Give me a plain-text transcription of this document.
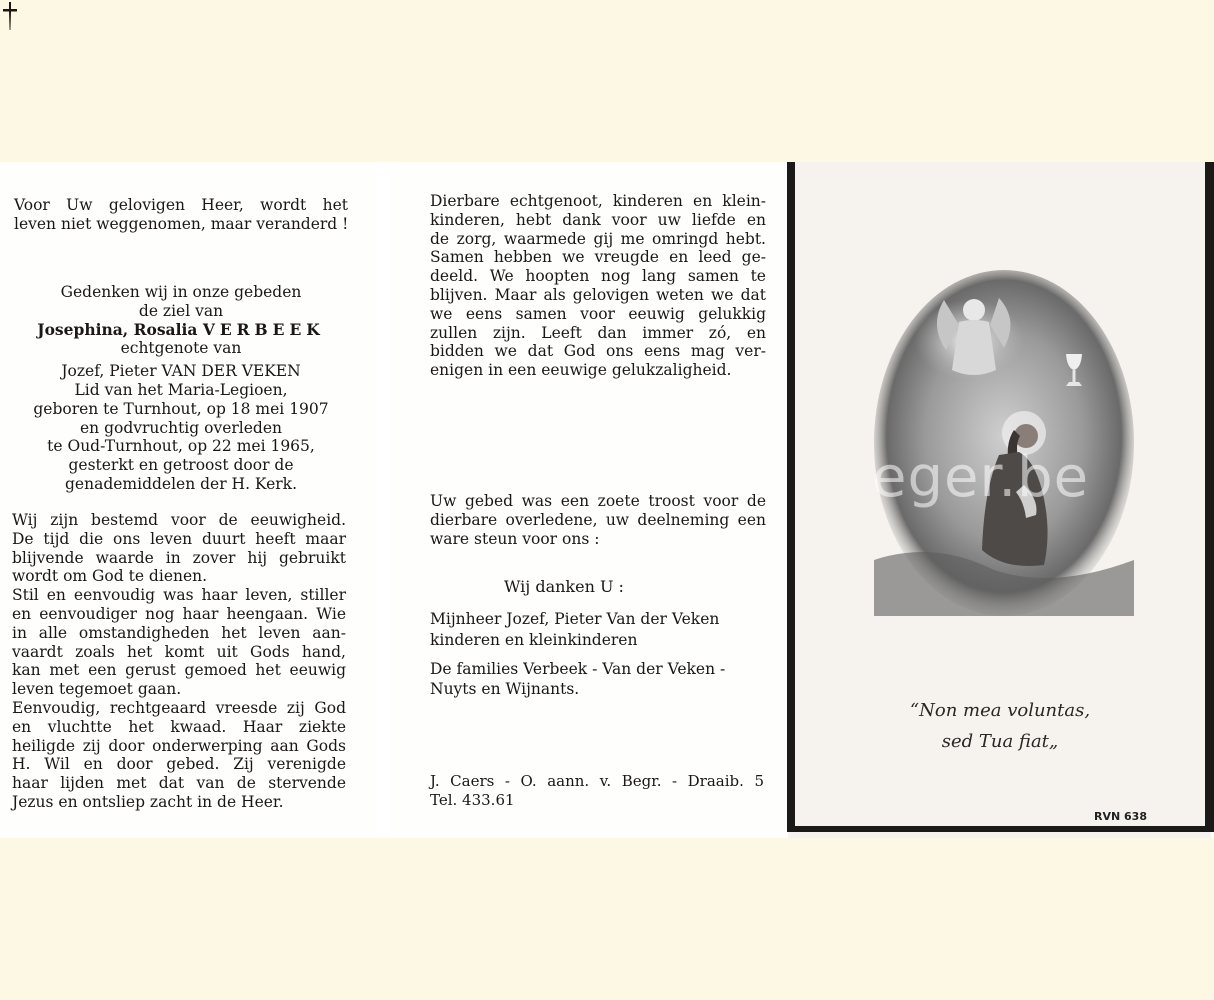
Voor Uw gelovigen Heer, wordt het
leven niet weggenomen, maar veranderd !
Gedenken wij in onze gebeden
de ziel van
Josephina, Rosalia VERBEEK
echtgenote van
Jozef, Pieter VAN DER VEKEN
Lid van het Maria-Legioen,
geboren te Turnhout, op 18 mei 1907
en godvruchtig overleden
te Oud-Turnhout, op 22 mei 1965,
gesterkt en getroost door de
genademiddelen der H. Kerk.
Wij zijn bestemd voor de eeuwigheid.
De tijd die ons leven duurt heeft maar
blijvende waarde in zover hij gebruikt
wordt om God te dienen.
Stil en eenvoudig was haar leven, stiller
en eenvoudiger nog haar heengaan. Wie
in alle omstandigheden het leven aan-
vaardt zoals het komt uit Gods hand,
kan met een gerust gemoed het eeuwig
leven tegemoet gaan.
Eenvoudig, rechtgeaard vreesde zij God
en vluchtte het kwaad. Haar ziekte
heiligde zij door onderwerping aan Gods
H. Wil en door gebed. Zij verenigde
haar lijden met dat van de stervende
Jezus en ontsliep zacht in de Heer.
Dierbare echtgenoot, kinderen en klein-
kinderen, hebt dank voor uw liefde en
de zorg, waarmede gij me omringd hebt.
Samen hebben we vreugde en leed ge-
deeld. We hoopten nog lang samen te
blijven. Maar als gelovigen weten we dat
we eens samen voor eeuwig gelukkig
zullen zijn. Leeft dan immer zó, en
bidden we dat God ons eens mag ver-
enigen in een eeuwige gelukzaligheid.
Uw gebed was een zoete troost voor de
dierbare overledene, uw deelneming een
ware steun voor ons :
Wij danken U :
Mijnheer Jozef, Pieter Van der Veken
kinderen en kleinkinderen
De families Verbeek - Van der Veken -
Nuyts en Wijnants.
J. Caers - O. aann. v. Begr. - Draaib. 5
Tel. 433.61
eger.be
“Non mea voluntas,
sed Tua fiat„
RVN 638
